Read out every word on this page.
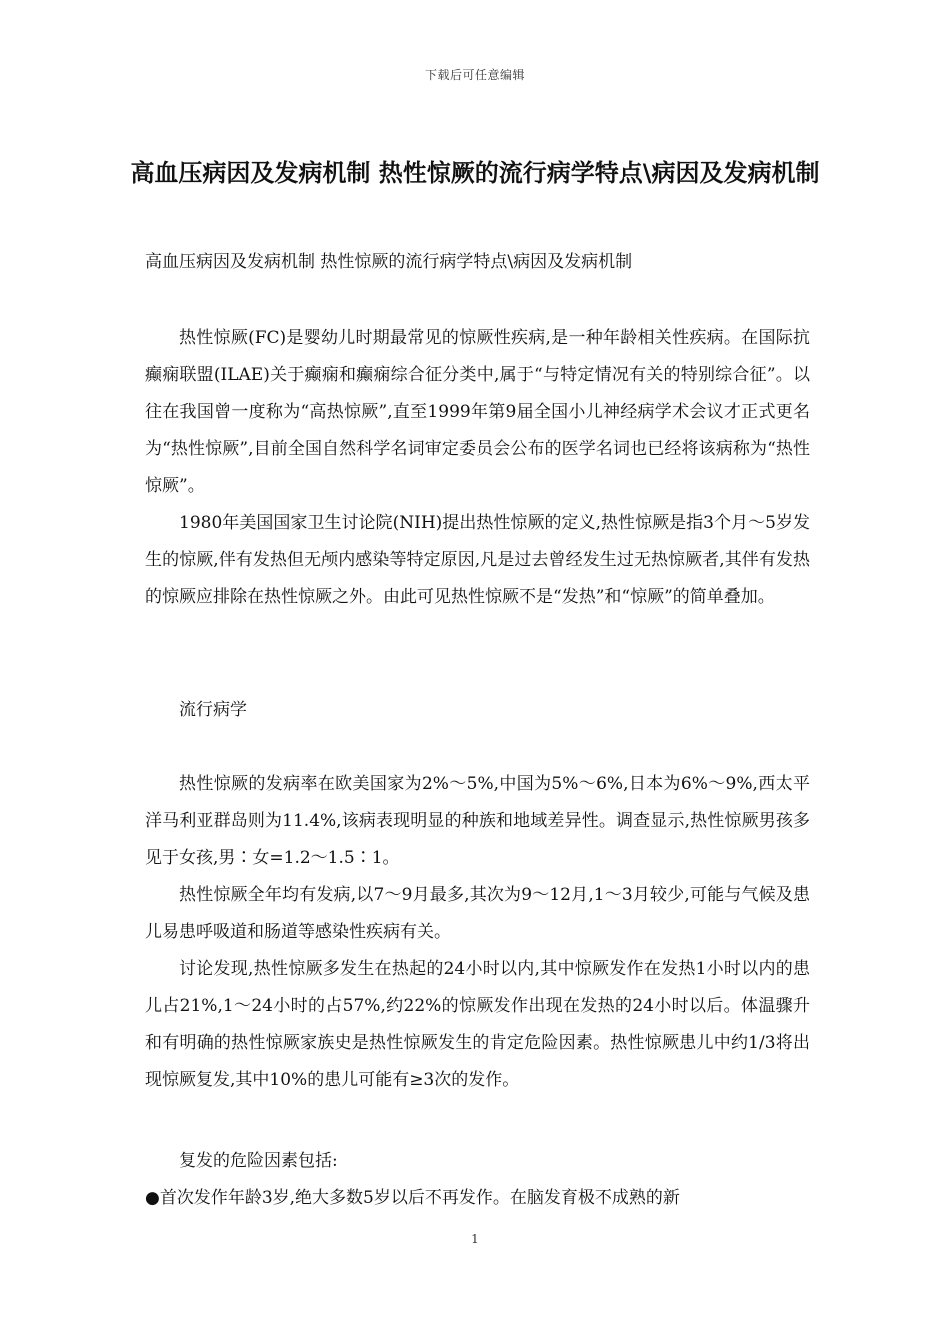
下载后可任意编辑
高血压病因及发病机制 热性惊厥的流行病学特点\病因及发病机制
高血压病因及发病机制 热性惊厥的流行病学特点\病因及发病机制

热性惊厥(FC)是婴幼儿时期最常见的惊厥性疾病,是一种年龄相关性疾病。在国际抗癫痫联盟(ILAE)关于癫痫和癫痫综合征分类中,属于“与特定情况有关的特别综合征”。以往在我国曾一度称为“高热惊厥”,直至1999年第9届全国小儿神经病学术会议才正式更名为“热性惊厥”,目前全国自然科学名词审定委员会公布的医学名词也已经将该病称为“热性惊厥”。

1980年美国国家卫生讨论院(NIH)提出热性惊厥的定义,热性惊厥是指3个月～5岁发生的惊厥,伴有发热但无颅内感染等特定原因,凡是过去曾经发生过无热惊厥者,其伴有发热的惊厥应排除在热性惊厥之外。由此可见热性惊厥不是“发热”和“惊厥”的简单叠加。

流行病学

热性惊厥的发病率在欧美国家为2%～5%,中国为5%～6%,日本为6%～9%,西太平洋马利亚群岛则为11.4%,该病表现明显的种族和地域差异性。调查显示,热性惊厥男孩多见于女孩,男∶女=1.2～1.5∶1。

热性惊厥全年均有发病,以7～9月最多,其次为9～12月,1～3月较少,可能与气候及患儿易患呼吸道和肠道等感染性疾病有关。

讨论发现,热性惊厥多发生在热起的24小时以内,其中惊厥发作在发热1小时以内的患儿占21%,1～24小时的占57%,约22%的惊厥发作出现在发热的24小时以后。体温骤升和有明确的热性惊厥家族史是热性惊厥发生的肯定危险因素。热性惊厥患儿中约1/3将出现惊厥复发,其中10%的患儿可能有≥3次的发作。

复发的危险因素包括:

●首次发作年龄3岁,绝大多数5岁以后不再发作。在脑发育极不成熟的新

1
